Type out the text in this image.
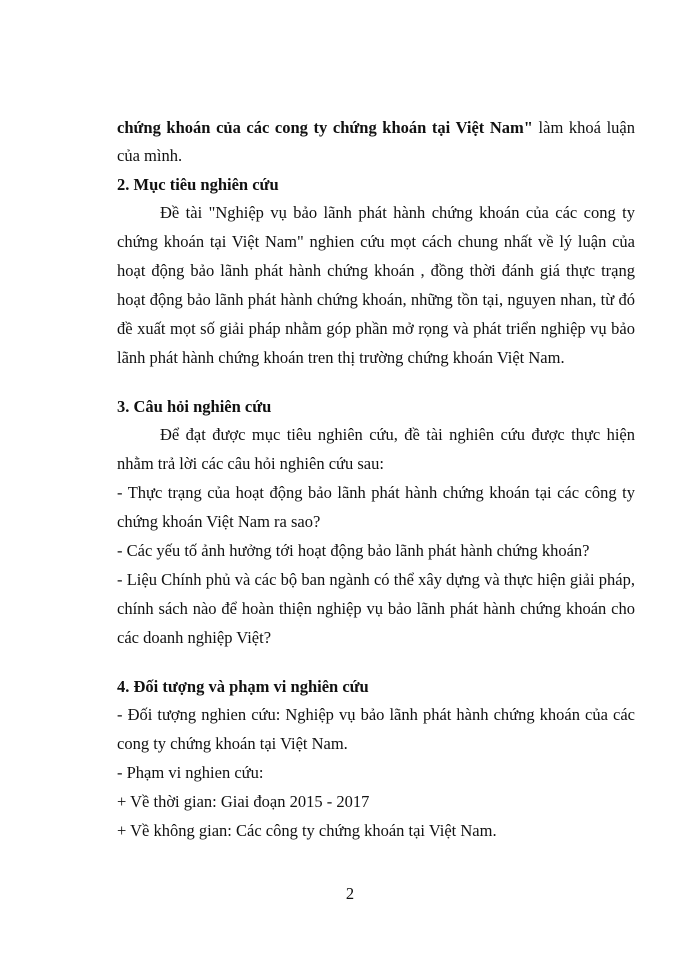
chứng khoán của các cong ty chứng khoán tại Việt Nam" làm khoá luận
của mình.
2. Mục tiêu nghiên cứu
Đề tài "Nghiệp vụ bảo lãnh phát hành chứng khoán của các cong ty
chứng khoán tại Việt Nam" nghien cứu mọt cách chung nhất về lý luận của
hoạt động bảo lãnh phát hành chứng khoán , đồng thời đánh giá thực trạng
hoạt động bảo lãnh phát hành chứng khoán, những tồn tại, nguyen nhan, từ đó
đề xuất mọt số giải pháp nhằm góp phần mở rọng và phát triển nghiệp vụ bảo
lãnh phát hành chứng khoán tren thị trường chứng khoán Việt Nam.
3. Câu hỏi nghiên cứu
Để đạt được mục tiêu nghiên cứu, đề tài nghiên cứu được thực hiện
nhằm trả lời các câu hỏi nghiên cứu sau:
- Thực trạng của hoạt động bảo lãnh phát hành chứng khoán tại các công ty
chứng khoán Việt Nam ra sao?
- Các yếu tố ảnh hưởng tới hoạt động bảo lãnh phát hành chứng khoán?
- Liệu Chính phủ và các bộ ban ngành có thể xây dựng và thực hiện giải pháp,
chính sách nào để hoàn thiện nghiệp vụ bảo lãnh phát hành chứng khoán cho
các doanh nghiệp Việt?
4. Đối tượng và phạm vi nghiên cứu
- Đối tượng nghien cứu: Nghiệp vụ bảo lãnh phát hành chứng khoán của các
cong ty chứng khoán tại Việt Nam.
- Phạm vi nghien cứu:
+ Về thời gian: Giai đoạn 2015 - 2017
+ Về không gian: Các công ty chứng khoán tại Việt Nam.
2
